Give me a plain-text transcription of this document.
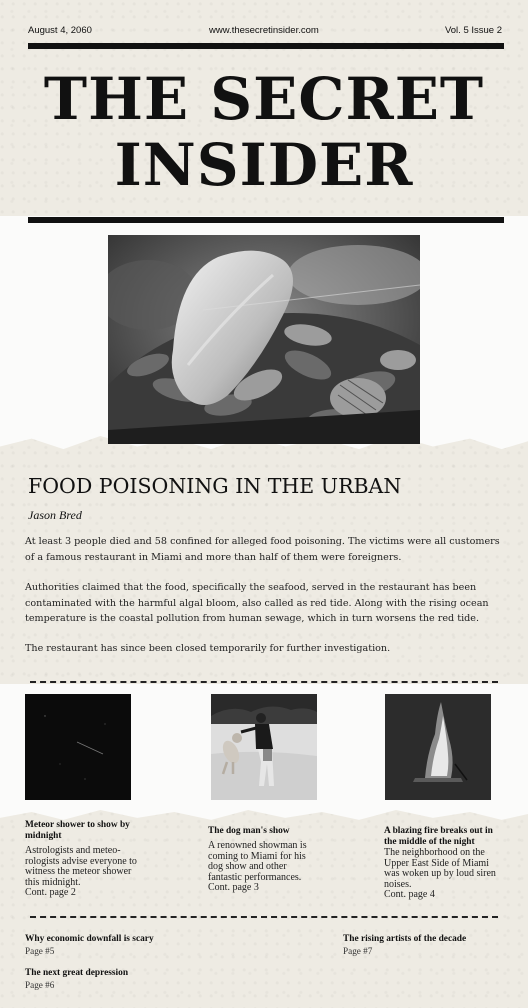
August 4, 2060	www.thesecretinsider.com	Vol. 5 Issue 2
THE SECRET
INSIDER
FOOD POISONING IN THE URBAN
Jason Bred
At least 3 people died and 58 confined for alleged food poisoning. The victims were all customers of a famous restaurant in Miami and more than half of them were foreigners.
Authorities claimed that the food, specifically the seafood, served in the restaurant has been contaminated with the harmful algal bloom, also called as red tide. Along with the rising ocean temperature is the coastal pollution from human sewage, which in turn worsens the red tide.
The restaurant has since been closed temporarily for further investigation.
Meteor shower to show by midnight
Astrologists and meteo-rologists advise everyone to witness the meteor shower this midnight.
Cont. page 2
The dog man's show
A renowned showman is coming to Miami for his dog show and other fantastic performances.
Cont. page 3
A blazing fire breaks out in the middle of the night
The neighborhood on the Upper East Side of Miami was woken up by loud siren noises.
Cont. page 4
Why economic downfall is scary
Page #5
The rising artists of the decade
Page #7
The next great depression
Page #6
